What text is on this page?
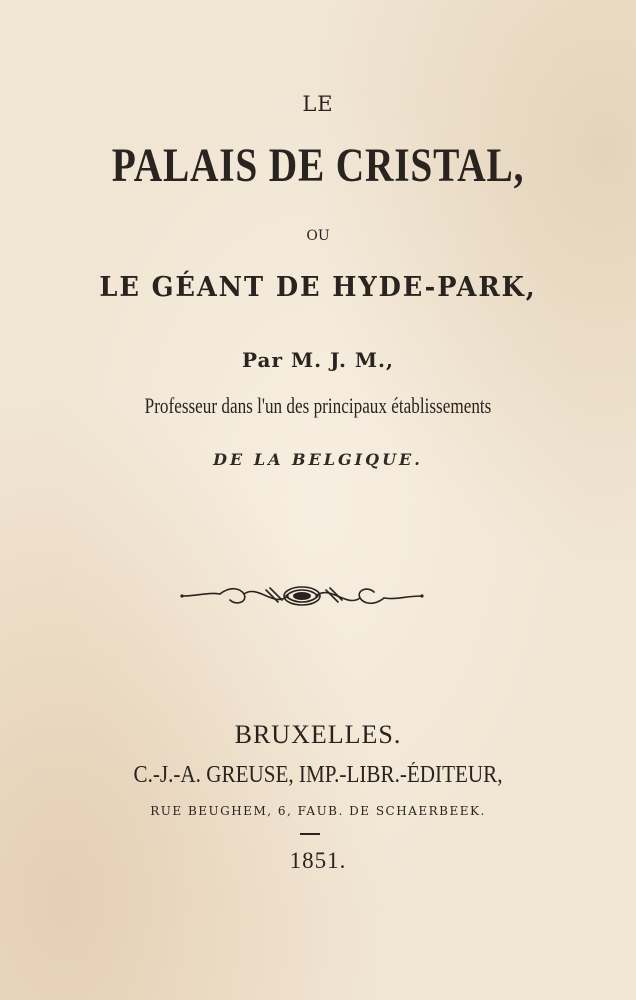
LE
PALAIS DE CRISTAL,
OU
LE GÉANT DE HYDE-PARK,
Par M. J. M.,
Professeur dans l'un des principaux établissements
DE LA BELGIQUE.
BRUXELLES.
C.-J.-A. GREUSE, IMP.-LIBR.-ÉDITEUR,
RUE BEUGHEM, 6, FAUB. DE SCHAERBEEK.
1851.
